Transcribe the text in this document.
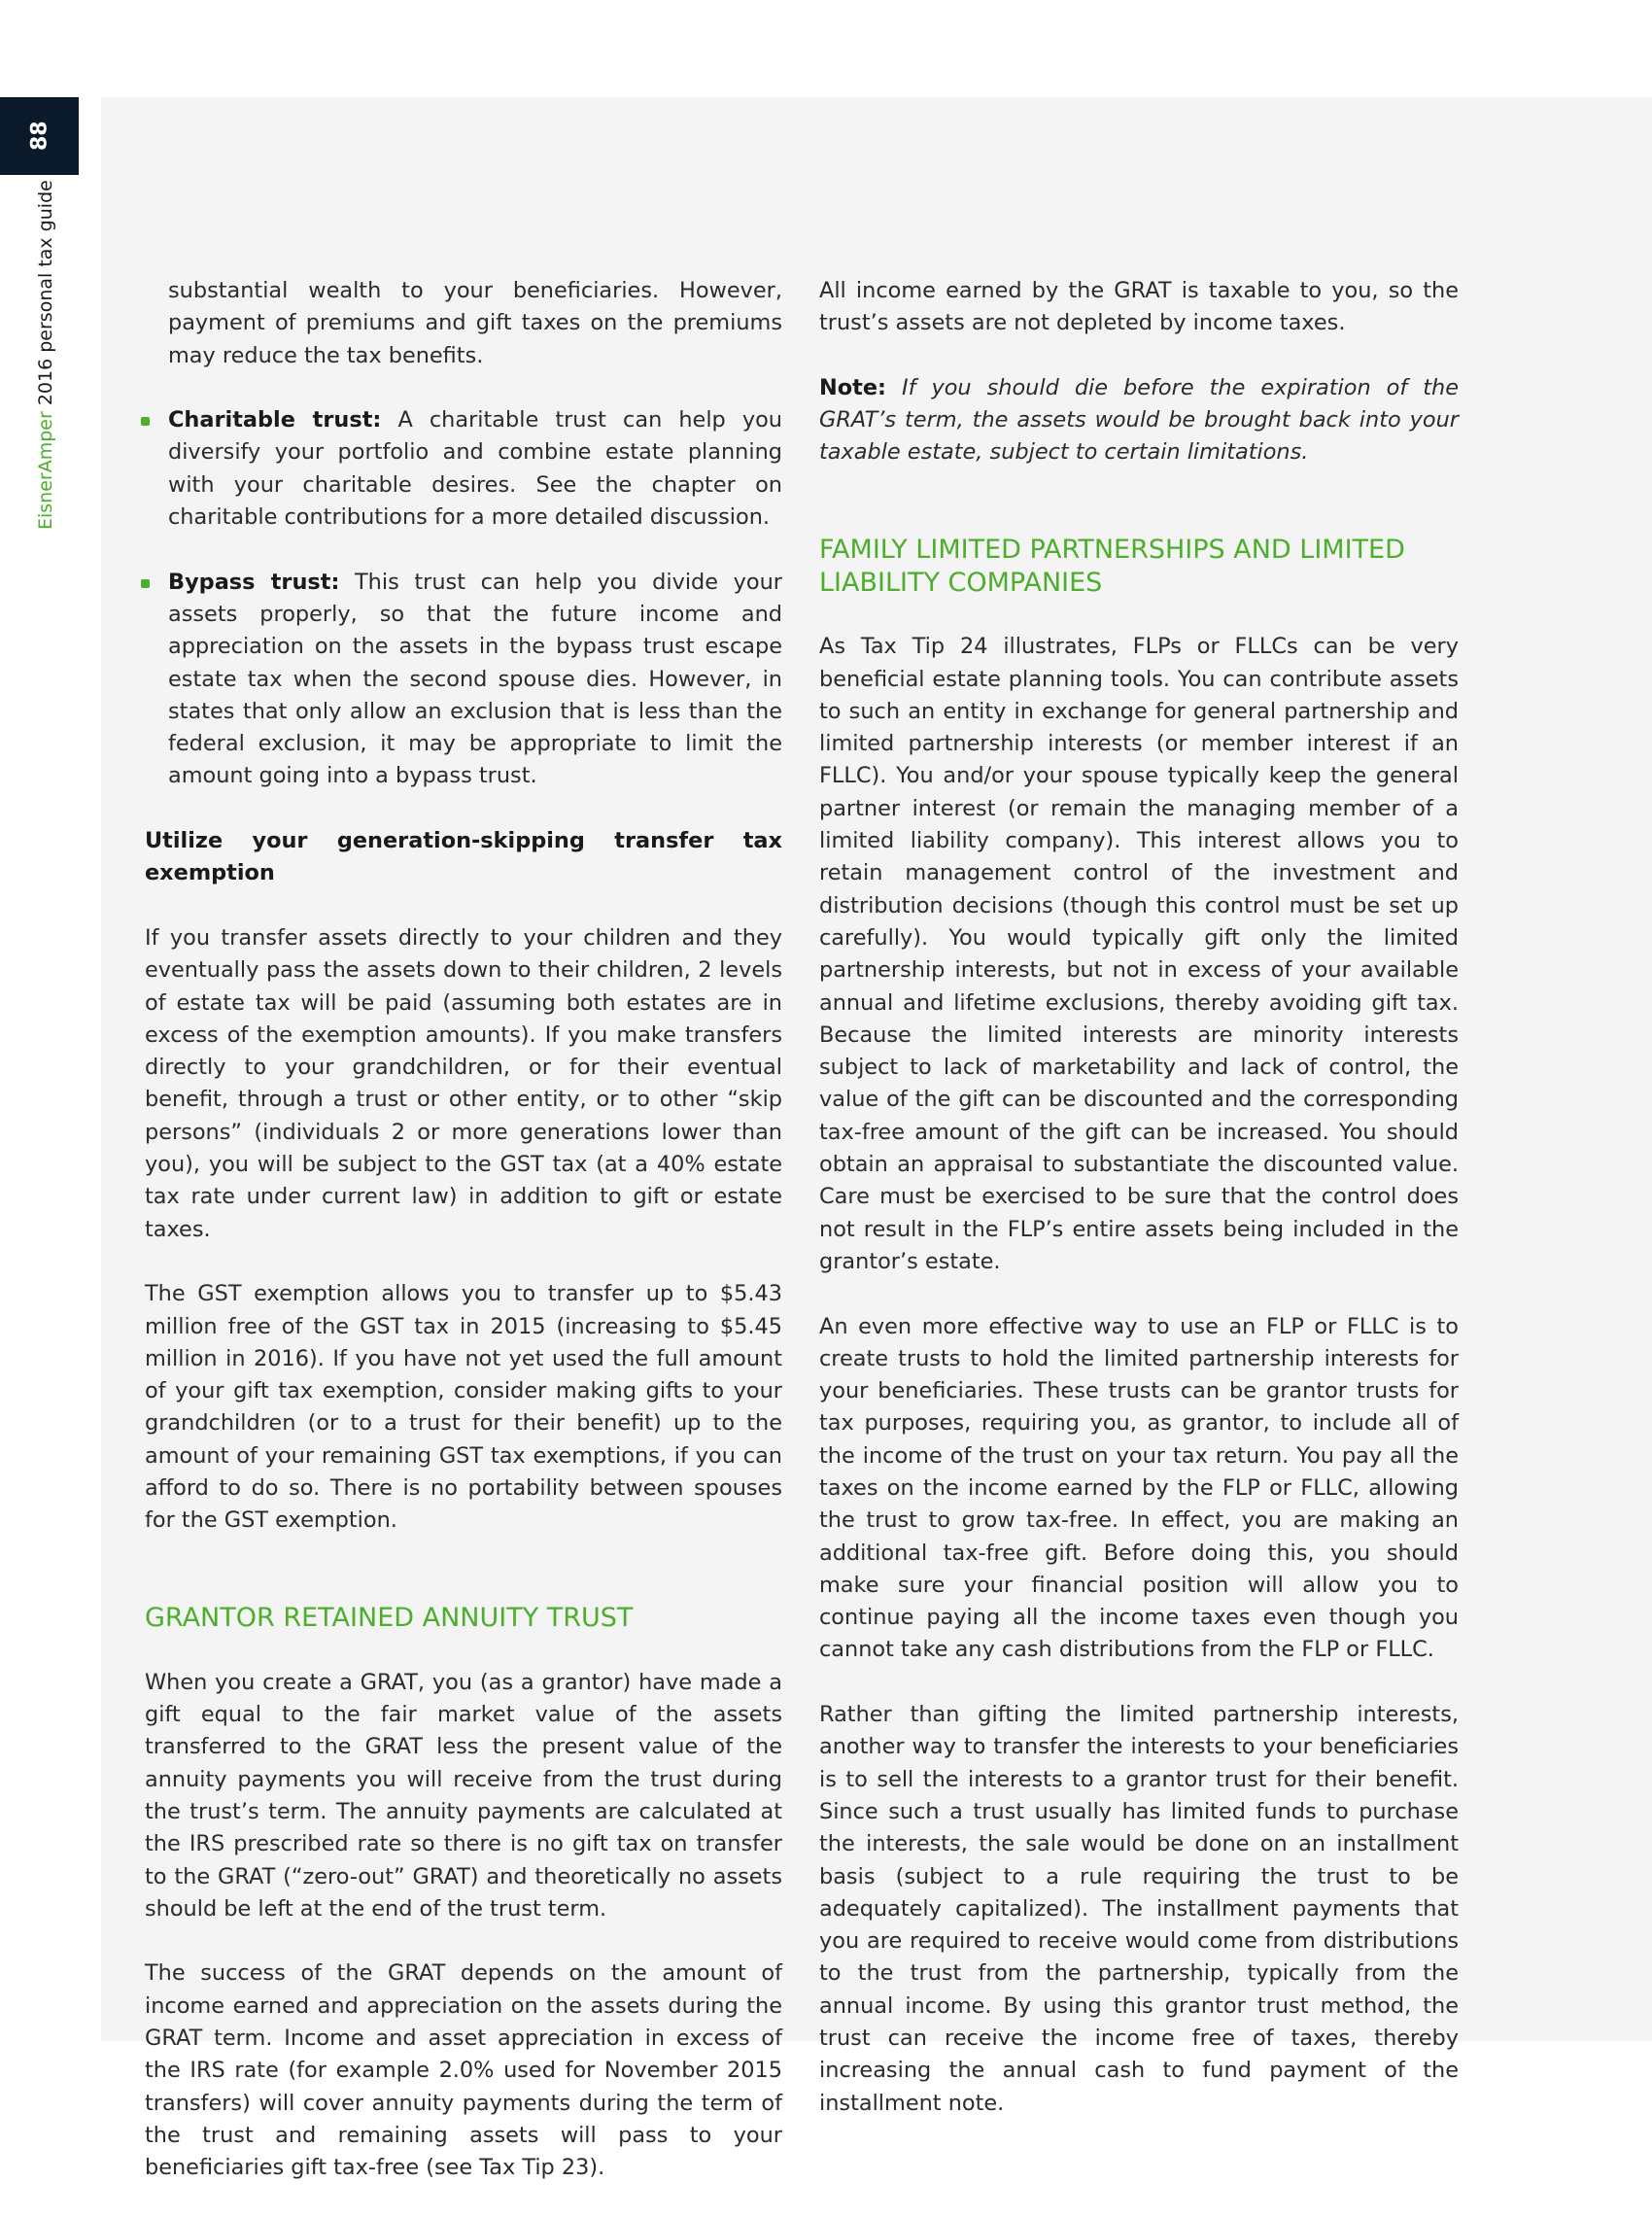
88
EisnerAmper 2016 personal tax guide	substantial wealth to your beneficiaries. However, payment of premiums and gift taxes on the premiums may reduce the tax benefits.

Charitable trust: A charitable trust can help you diversify your portfolio and combine estate planning with your charitable desires. See the chapter on charitable contributions for a more detailed discussion.
Bypass trust: This trust can help you divide your assets properly, so that the future income and appreciation on the assets in the bypass trust escape estate tax when the second spouse dies. However, in states that only allow an exclusion that is less than the federal exclusion, it may be appropriate to limit the amount going into a bypass trust.

Utilize your generation-skipping transfer tax exemption

If you transfer assets directly to your children and they eventually pass the assets down to their children, 2 levels of estate tax will be paid (assuming both estates are in excess of the exemption amounts). If you make transfers directly to your grandchildren, or for their eventual benefit, through a trust or other entity, or to other “skip persons” (individuals 2 or more generations lower than you), you will be subject to the GST tax (at a 40% estate tax rate under current law) in addition to gift or estate taxes.

The GST exemption allows you to transfer up to $5.43 million free of the GST tax in 2015 (increasing to $5.45 million in 2016). If you have not yet used the full amount of your gift tax exemption, consider making gifts to your grandchildren (or to a trust for their benefit) up to the amount of your remaining GST tax exemptions, if you can afford to do so. There is no portability between spouses for the GST exemption.

GRANTOR RETAINED ANNUITY TRUST

When you create a GRAT, you (as a grantor) have made a gift equal to the fair market value of the assets transferred to the GRAT less the present value of the annuity payments you will receive from the trust during the trust’s term. The annuity payments are calculated at the IRS prescribed rate so there is no gift tax on transfer to the GRAT (“zero-out” GRAT) and theoretically no assets should be left at the end of the trust term.

The success of the GRAT depends on the amount of income earned and appreciation on the assets during the GRAT term. Income and asset appreciation in excess of the IRS rate (for example 2.0% used for November 2015 transfers) will cover annuity payments during the term of the trust and remaining assets will pass to your beneficiaries gift tax-free (see Tax Tip 23).

All income earned by the GRAT is taxable to you, so the trust’s assets are not depleted by income taxes.

Note: If you should die before the expiration of the GRAT’s term, the assets would be brought back into your taxable estate, subject to certain limitations.

FAMILY LIMITED PARTNERSHIPS AND LIMITED LIABILITY COMPANIES

As Tax Tip 24 illustrates, FLPs or FLLCs can be very beneficial estate planning tools. You can contribute assets to such an entity in exchange for general partnership and limited partnership interests (or member interest if an FLLC). You and/or your spouse typically keep the general partner interest (or remain the managing member of a limited liability company). This interest allows you to retain management control of the investment and distribution decisions (though this control must be set up carefully). You would typically gift only the limited partnership interests, but not in excess of your available annual and lifetime exclusions, thereby avoiding gift tax. Because the limited interests are minority interests subject to lack of marketability and lack of control, the value of the gift can be discounted and the corresponding tax-free amount of the gift can be increased. You should obtain an appraisal to substantiate the discounted value. Care must be exercised to be sure that the control does not result in the FLP’s entire assets being included in the grantor’s estate.

An even more effective way to use an FLP or FLLC is to create trusts to hold the limited partnership interests for your beneficiaries. These trusts can be grantor trusts for tax purposes, requiring you, as grantor, to include all of the income of the trust on your tax return. You pay all the taxes on the income earned by the FLP or FLLC, allowing the trust to grow tax-free. In effect, you are making an additional tax-free gift. Before doing this, you should make sure your financial position will allow you to continue paying all the income taxes even though you cannot take any cash distributions from the FLP or FLLC.

Rather than gifting the limited partnership interests, another way to transfer the interests to your beneficiaries is to sell the interests to a grantor trust for their benefit. Since such a trust usually has limited funds to purchase the interests, the sale would be done on an installment basis (subject to a rule requiring the trust to be adequately capitalized). The installment payments that you are required to receive would come from distributions to the trust from the partnership, typically from the annual income. By using this grantor trust method, the trust can receive the income free of taxes, thereby increasing the annual cash to fund payment of the installment note.
